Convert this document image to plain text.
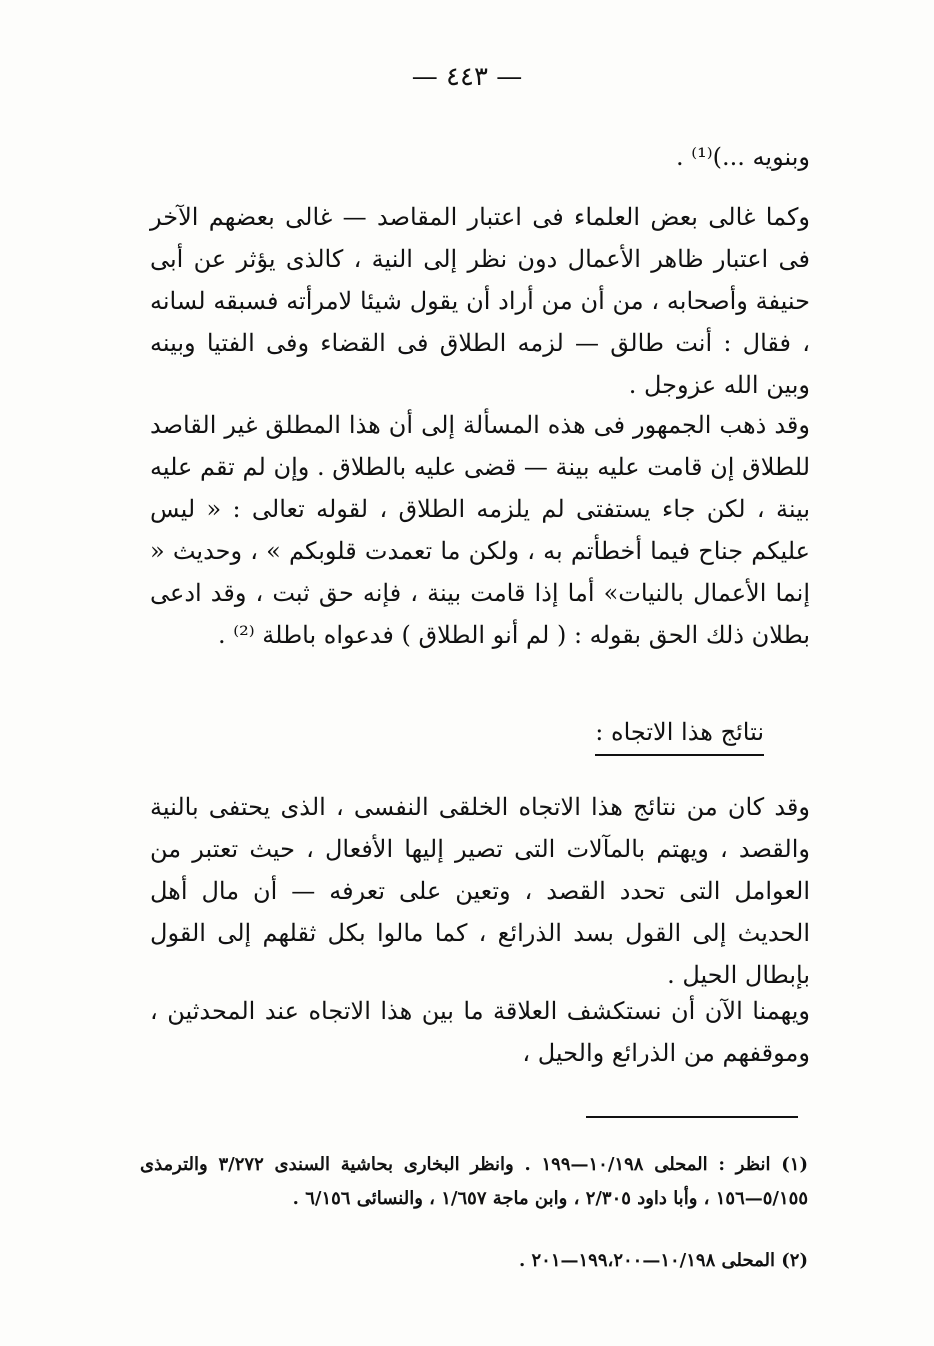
— ٤٤٣ —

وبنويه ...)⁽¹⁾ .

وكما غالى بعض العلماء فى اعتبار المقاصد — غالى بعضهم الآخر فى اعتبار ظاهر الأعمال دون نظر إلى النية ، كالذى يؤثر عن أبى حنيفة وأصحابه ، من أن من أراد أن يقول شيئا لامرأته فسبقه لسانه ، فقال : أنت طالق — لزمه الطلاق فى القضاء وفى الفتيا وبينه وبين الله عزوجل .

وقد ذهب الجمهور فى هذه المسألة إلى أن هذا المطلق غير القاصد للطلاق إن قامت عليه بينة — قضى عليه بالطلاق . وإن لم تقم عليه بينة ، لكن جاء يستفتى لم يلزمه الطلاق ، لقوله تعالى : « ليس عليكم جناح فيما أخطأتم به ، ولكن ما تعمدت قلوبكم » ، وحديث « إنما الأعمال بالنيات» أما إذا قامت بينة ، فإنه حق ثبت ، وقد ادعى بطلان ذلك الحق بقوله : ( لم أنو الطلاق ) فدعواه باطلة ⁽²⁾ .

نتائج هذا الاتجاه :

وقد كان من نتائج هذا الاتجاه الخلقى النفسى ، الذى يحتفى بالنية والقصد ، ويهتم بالمآلات التى تصير إليها الأفعال ، حيث تعتبر من العوامل التى تحدد القصد ، وتعين على تعرفه — أن مال أهل الحديث إلى القول بسد الذرائع ، كما مالوا بكل ثقلهم إلى القول بإبطال الحيل .

ويهمنا الآن أن نستكشف العلاقة ما بين هذا الاتجاه عند المحدثين ، وموقفهم من الذرائع والحيل ،

(١) انظر : المحلى ١٠/١٩٨—١٩٩ . وانظر البخارى بحاشية السندى ٣/٢٧٢ والترمذى ٥/١٥٥—١٥٦ ، وأبا داود ٢/٣٠٥ ، وابن ماجة ١/٦٥٧ ، والنسائى ٦/١٥٦ .

(٢) المحلى ١٠/١٩٨—١٩٩،٢٠٠—٢٠١ .
